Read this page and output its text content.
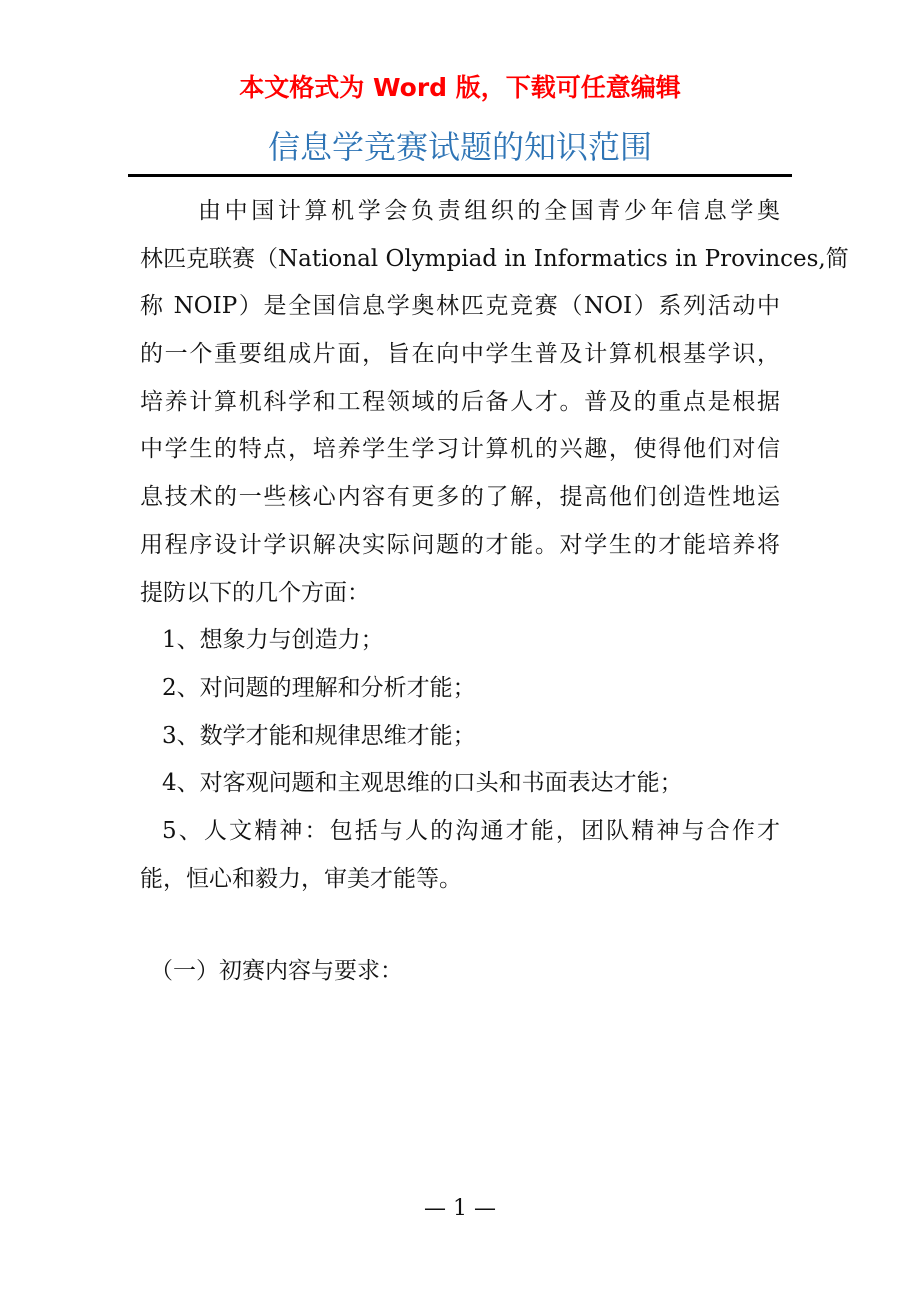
本文格式为 Word 版，下载可任意编辑
信息学竞赛试题的知识范围
由中国计算机学会负责组织的全国青少年信息学奥
林匹克联赛（National Olympiad in Informatics in Provinces,简
称 NOIP）是全国信息学奥林匹克竞赛（NOI）系列活动中
的一个重要组成片面，旨在向中学生普及计算机根基学识，
培养计算机科学和工程领域的后备人才。普及的重点是根据
中学生的特点，培养学生学习计算机的兴趣，使得他们对信
息技术的一些核心内容有更多的了解，提高他们创造性地运
用程序设计学识解决实际问题的才能。对学生的才能培养将
提防以下的几个方面：
1、想象力与创造力；
2、对问题的理解和分析才能；
3、数学才能和规律思维才能；
4、对客观问题和主观思维的口头和书面表达才能；
5、人文精神：包括与人的沟通才能，团队精神与合作才
能，恒心和毅力，审美才能等。
（一）初赛内容与要求：
— 1 —
